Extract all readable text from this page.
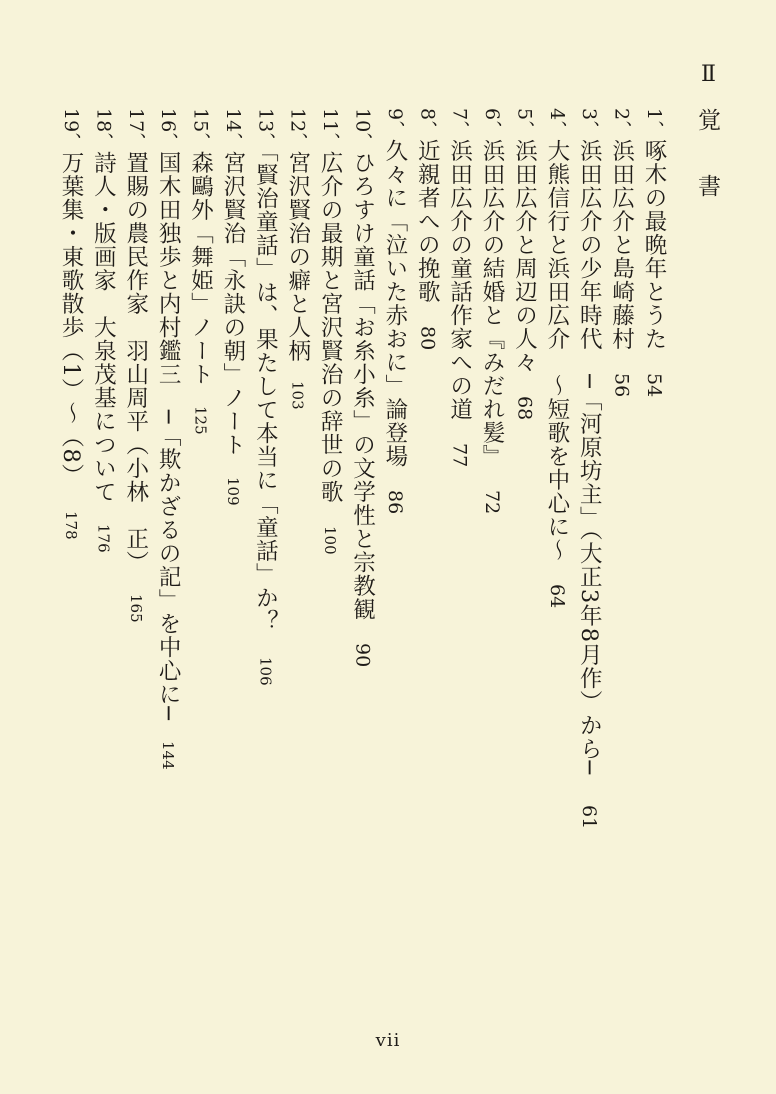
Ⅱ
覚　書
1、啄木の最晩年とうた54
2、浜田広介と島崎藤村56
3、浜田広介の少年時代　─「河原坊主」（大正3年8月作）から─61
4、大熊信行と浜田広介　～短歌を中心に～64
5、浜田広介と周辺の人々68
6、浜田広介の結婚と『みだれ髪』72
7、浜田広介の童話作家への道77
8、近親者への挽歌80
9、久々に「泣いた赤おに」論登場86
10、ひろすけ童話「お糸小糸」の文学性と宗教観90
11、広介の最期と宮沢賢治の辞世の歌100
12、宮沢賢治の癖と人柄103
13、「賢治童話」は、果たして本当に「童話」か？106
14、宮沢賢治「永訣の朝」ノート109
15、森鷗外「舞姫」ノート125
16、国木田独歩と内村鑑三　─「欺かざるの記」を中心に─144
17、置賜の農民作家　羽山周平（小林　正）165
18、詩人・版画家　大泉茂基について176
19、万葉集・東歌散歩（1）～（8）178
vii
